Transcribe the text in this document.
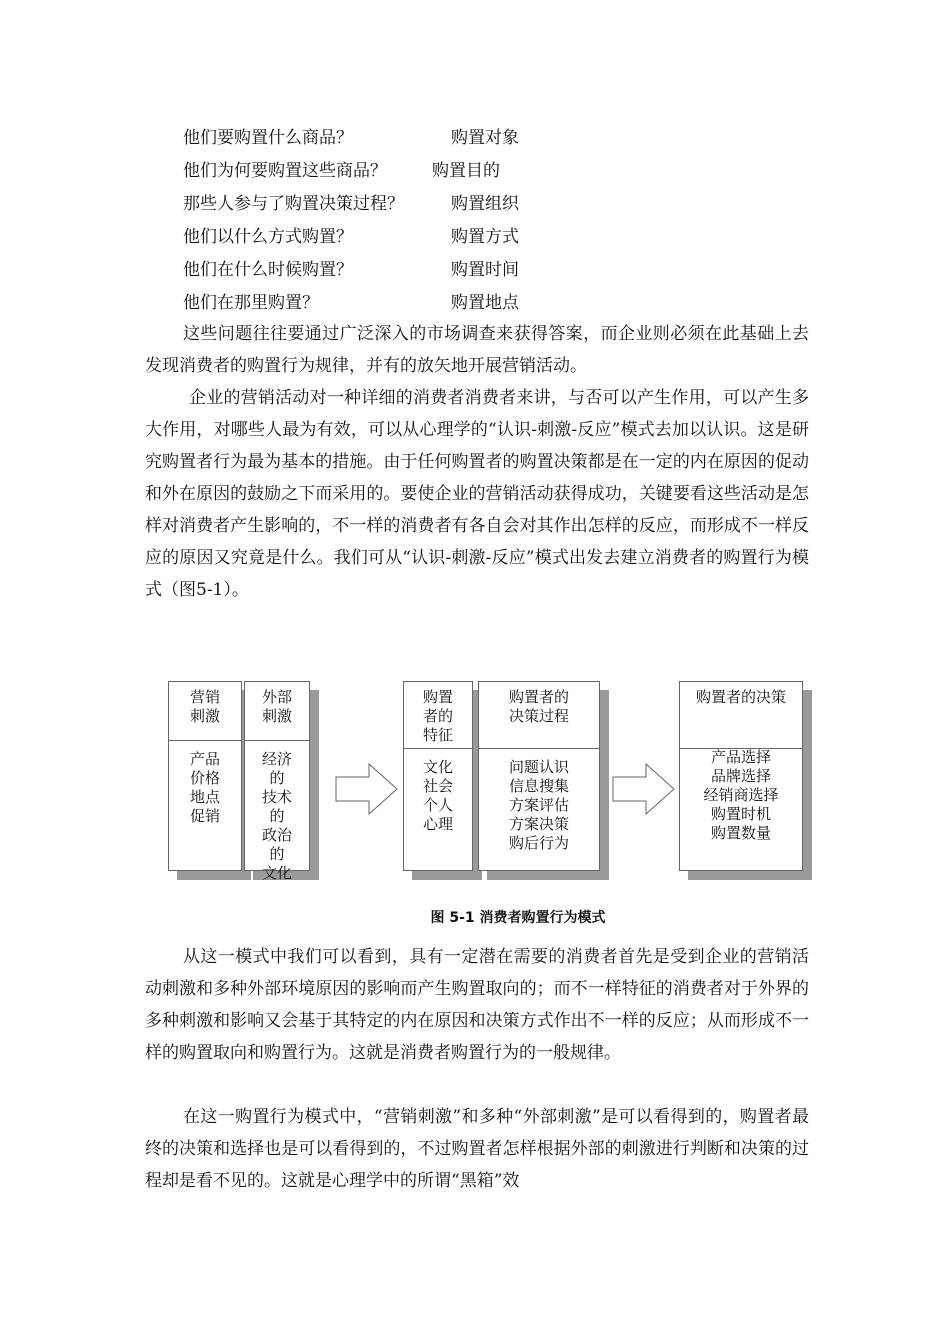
他们要购置什么商品？	购置对象
他们为何要购置这些商品？	购置目的
那些人参与了购置决策过程？	购置组织
他们以什么方式购置？	购置方式
他们在什么时候购置？	购置时间
他们在那里购置？	购置地点

这些问题往往要通过广泛深入的市场调查来获得答案，而企业则必须在此基础上去发现消费者的购置行为规律，并有的放矢地开展营销活动。

企业的营销活动对一种详细的消费者消费者来讲，与否可以产生作用，可以产生多大作用，对哪些人最为有效，可以从心理学的“认识-刺激-反应”模式去加以认识。这是研究购置者行为最为基本的措施。由于任何购置者的购置决策都是在一定的内在原因的促动和外在原因的鼓励之下而采用的。要使企业的营销活动获得成功，关键要看这些活动是怎样对消费者产生影响的，不一样的消费者有各自会对其作出怎样的反应，而形成不一样反应的原因又究竟是什么。我们可从“认识-刺激-反应”模式出发去建立消费者的购置行为模式（图5-1）。

营销
刺激
产品
价格
地点
促销
外部
刺激
经济
的
技术
的
政治
的
文化
购置
者的
特征
文化
社会
个人
心理
购置者的
决策过程
问题认识
信息搜集
方案评估
方案决策
购后行为
购置者的决策
产品选择
品牌选择
经销商选择
购置时机
购置数量
图 5-1 消费者购置行为模式

从这一模式中我们可以看到，具有一定潜在需要的消费者首先是受到企业的营销活动刺激和多种外部环境原因的影响而产生购置取向的；而不一样特征的消费者对于外界的多种刺激和影响又会基于其特定的内在原因和决策方式作出不一样的反应；从而形成不一样的购置取向和购置行为。这就是消费者购置行为的一般规律。

在这一购置行为模式中，“营销刺激”和多种“外部刺激”是可以看得到的，购置者最终的决策和选择也是可以看得到的，不过购置者怎样根据外部的刺激进行判断和决策的过程却是看不见的。这就是心理学中的所谓“黑箱”效
